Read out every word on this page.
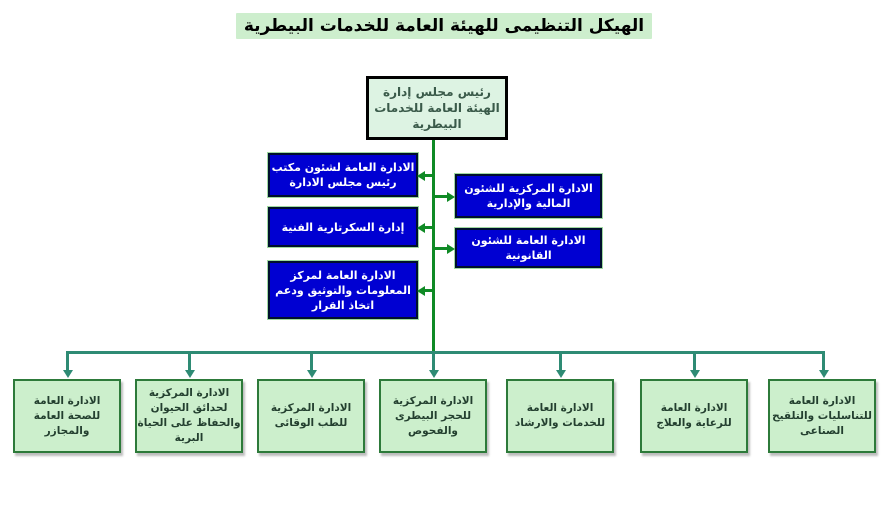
الهيكل التنظيمى للهيئة العامة للخدمات البيطرية
رئيس مجلس إدارة
الهيئة العامة للخدمات
البيطرية
الادارة العامة لشئون مكتب
رئيس مجلس الادارة
إدارة السكرتارية الفنية
الادارة العامة لمركز
المعلومات والتوثيق ودعم
اتخاذ القرار
الادارة المركزية للشئون
المالية والإدارية
الادارة العامة للشئون
القانونية
الادارة العامة
للصحة العامة
والمجازر
الادارة المركزية
لحدائق الحيوان
والحفاظ على الحياة
البرية
الادارة المركزية
للطب الوقائى
الادارة المركزية
للحجر البيطرى
والفحوص
الادارة العامة
للخدمات والارشاد
الادارة العامة
للرعاية والعلاج
الادارة العامة
للتناسليات والتلقيح
الصناعى
